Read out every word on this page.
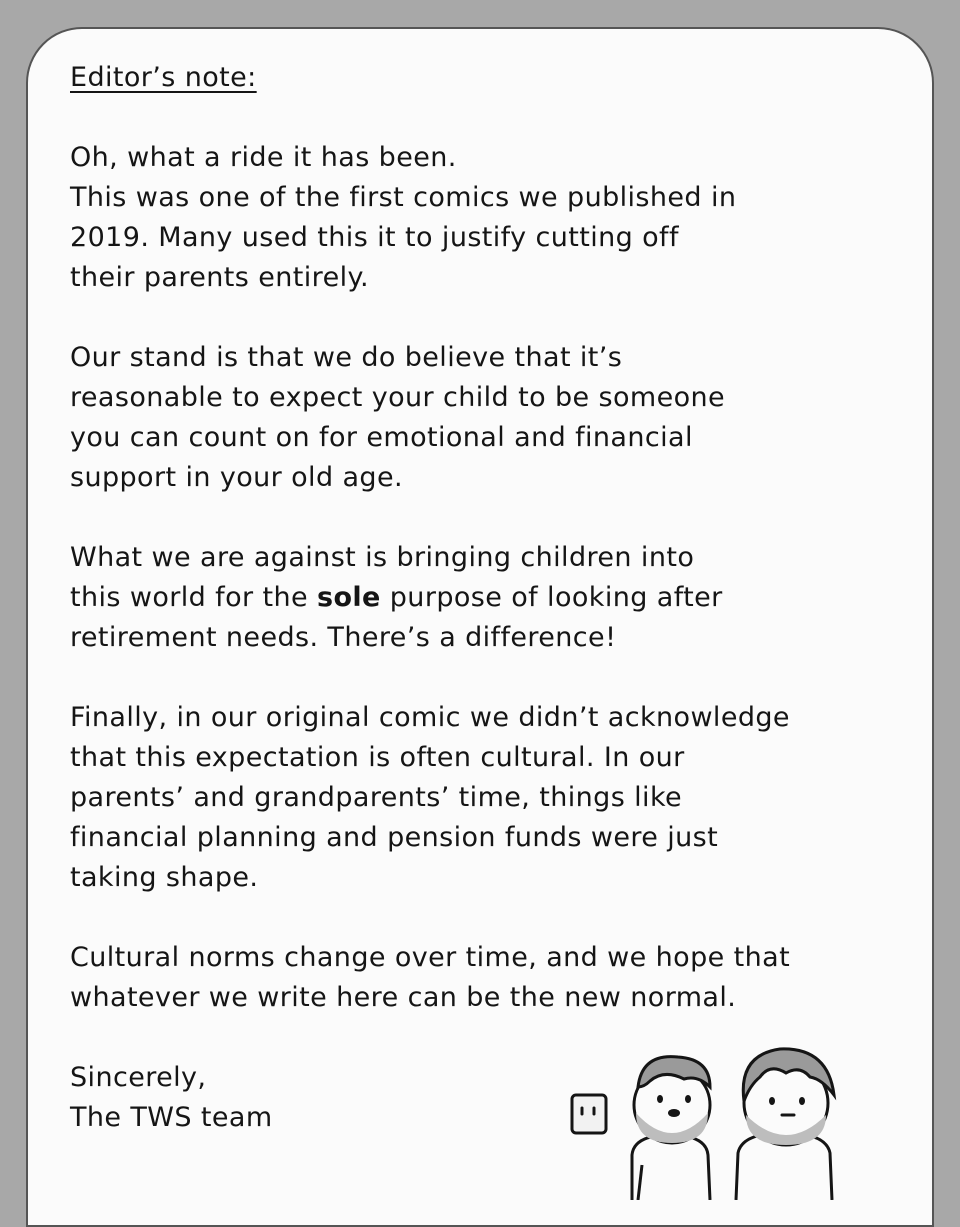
Editor’s note:
Oh, what a ride it has been.
This was one of the first comics we published in
2019. Many used this it to justify cutting off
their parents entirely.
Our stand is that we do believe that it’s
reasonable to expect your child to be someone
you can count on for emotional and financial
support in your old age.
What we are against is bringing children into
this world for the sole purpose of looking after
retirement needs. There’s a difference!
Finally, in our original comic we didn’t acknowledge
that this expectation is often cultural. In our
parents’ and grandparents’ time, things like
financial planning and pension funds were just
taking shape.
Cultural norms change over time, and we hope that
whatever we write here can be the new normal.
Sincerely,
The TWS team
